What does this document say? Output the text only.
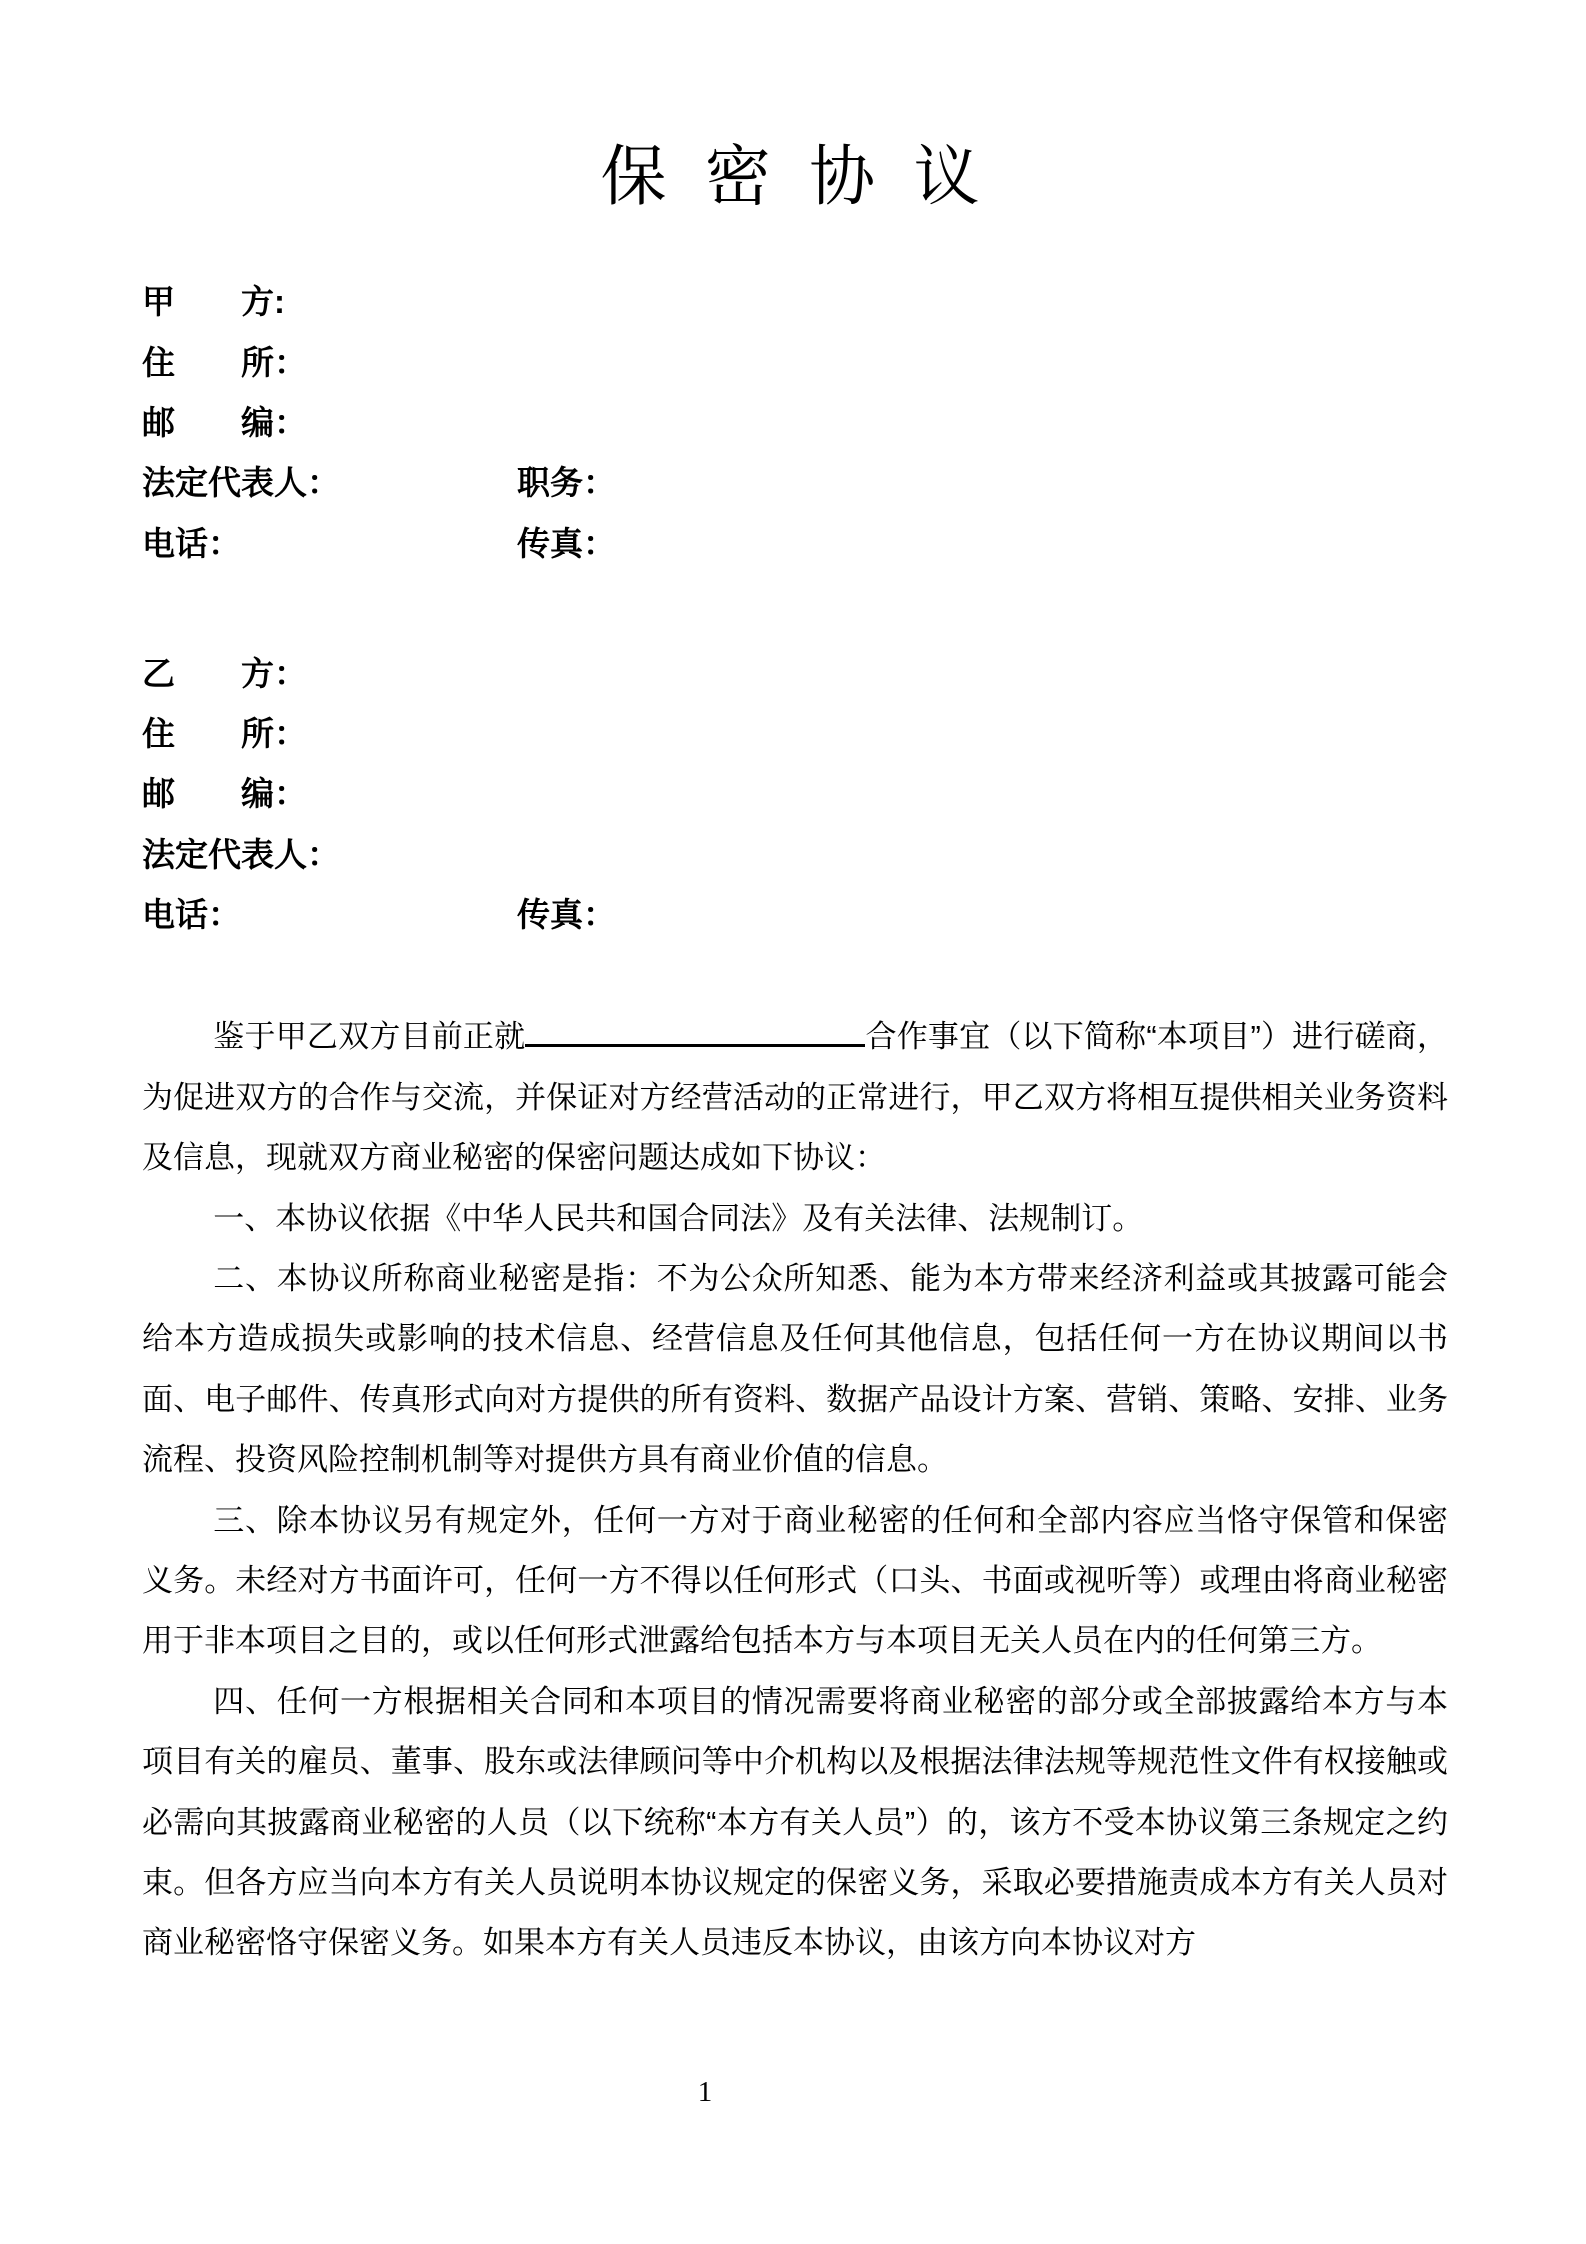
保 密 协 议
甲　　方:
住　　所：
邮　　编：
法定代表人：	职务：
电话：	传真：
乙　　方：
住　　所：
邮　　编：
法定代表人：
电话：	传真：

鉴于甲乙双方目前正就	合作事宜（以下简称“本项目”）进行磋商，为促进双方的合作与交流，并保证对方经营活动的正常进行，甲乙双方将相互提供相关业务资料及信息，现就双方商业秘密的保密问题达成如下协议：

一、本协议依据《中华人民共和国合同法》及有关法律、法规制订。

二、本协议所称商业秘密是指：不为公众所知悉、能为本方带来经济利益或其披露可能会给本方造成损失或影响的技术信息、经营信息及任何其他信息，包括任何一方在协议期间以书面、电子邮件、传真形式向对方提供的所有资料、数据产品设计方案、营销、策略、安排、业务流程、投资风险控制机制等对提供方具有商业价值的信息。

三、除本协议另有规定外，任何一方对于商业秘密的任何和全部内容应当恪守保管和保密义务。未经对方书面许可，任何一方不得以任何形式（口头、书面或视听等）或理由将商业秘密用于非本项目之目的，或以任何形式泄露给包括本方与本项目无关人员在内的任何第三方。

四、任何一方根据相关合同和本项目的情况需要将商业秘密的部分或全部披露给本方与本项目有关的雇员、董事、股东或法律顾问等中介机构以及根据法律法规等规范性文件有权接触或必需向其披露商业秘密的人员（以下统称“本方有关人员”）的，该方不受本协议第三条规定之约束。但各方应当向本方有关人员说明本协议规定的保密义务，采取必要措施责成本方有关人员对商业秘密恪守保密义务。如果本方有关人员违反本协议，由该方向本协议对方

1
